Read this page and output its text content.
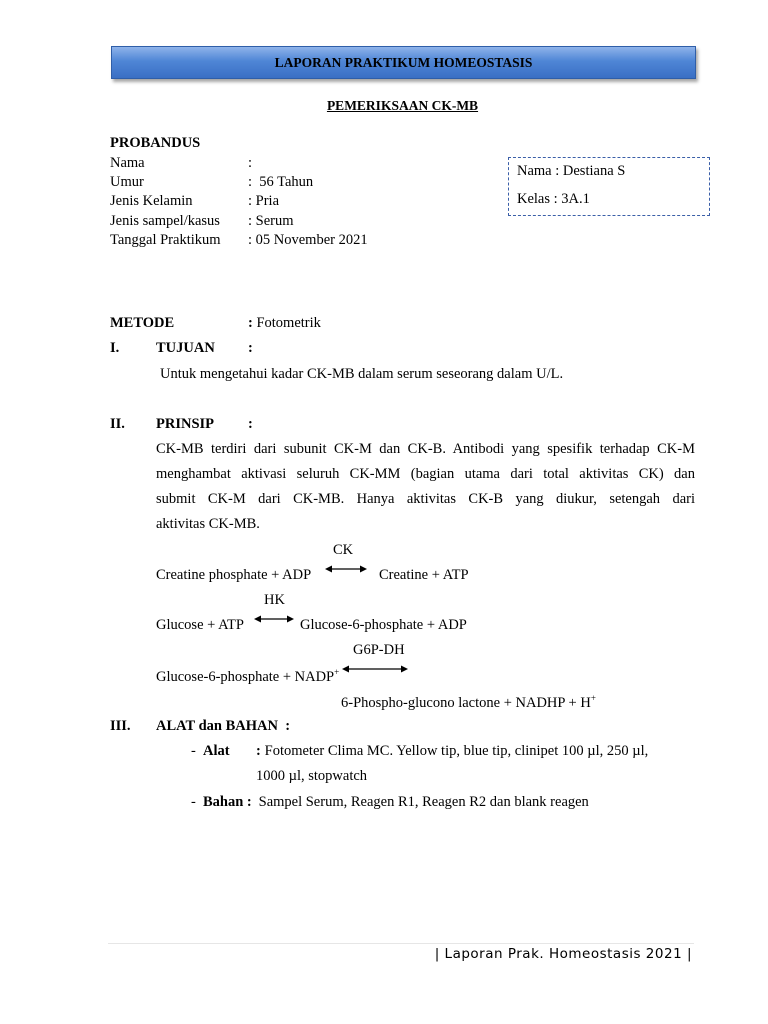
LAPORAN PRAKTIKUM HOMEOSTASIS
PEMERIKSAAN CK-MB
PROBANDUS
Nama	:
Umur	:  56 Tahun
Jenis Kelamin	: Pria
Jenis sampel/kasus : Serum
Tanggal Praktikum : 05 November 2021
Nama : Destiana S
Kelas : 3A.1
METODE	: Fotometrik
I.	TUJUAN :
Untuk mengetahui kadar CK-MB dalam serum seseorang dalam U/L.
II. PRINSIP :
CK-MB terdiri dari subunit CK-M dan CK-B. Antibodi yang spesifik terhadap CK-M
menghambat aktivasi seluruh CK-MM (bagian utama dari total aktivitas CK) dan
submit CK-M dari CK-MB. Hanya aktivitas CK-B yang diukur, setengah dari
aktivitas CK-MB.
CK
Creatine phosphate + ADP	Creatine + ATP
HK
Glucose + ATP	Glucose-6-phosphate + ADP
G6P-DH
Glucose-6-phosphate + NADP+
6-Phospho-glucono lactone + NADHP + H+
III. ALAT dan BAHAN  :
- Alat : Fotometer Clima MC. Yellow tip, blue tip, clinipet 100 µl, 250 µl,
1000 µl, stopwatch
- Bahan : Sampel Serum, Reagen R1, Reagen R2 dan blank reagen
| Laporan Prak. Homeostasis 2021 |
